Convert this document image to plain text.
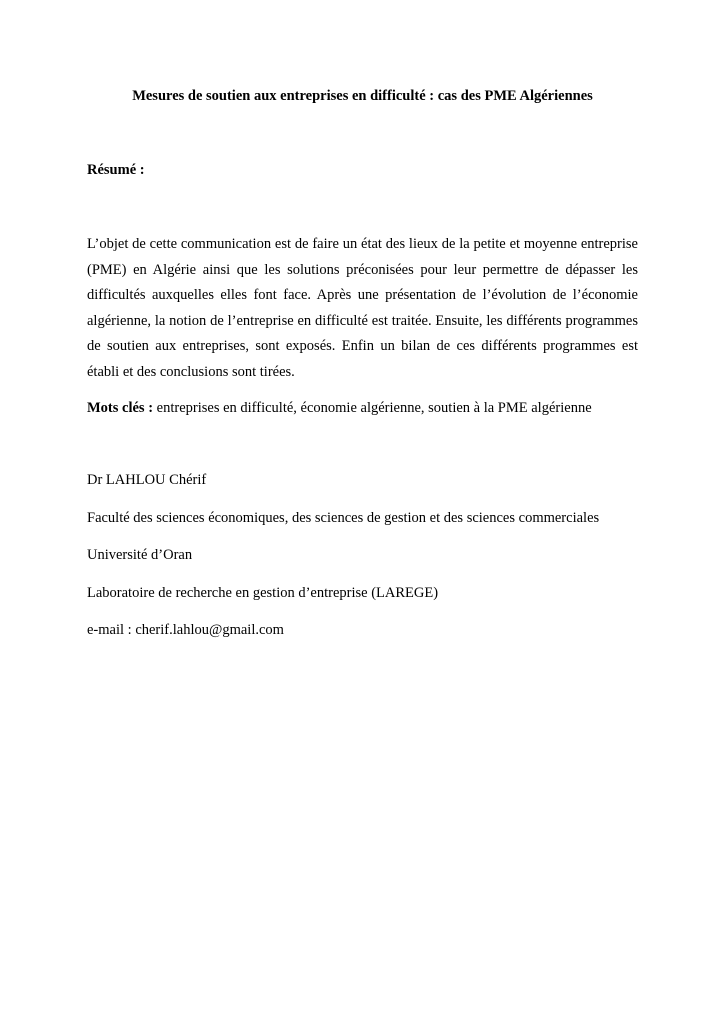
Mesures de soutien aux entreprises en difficulté : cas des PME Algériennes
Résumé :

L’objet de cette communication est de faire un état des lieux de la petite et moyenne entreprise (PME) en Algérie ainsi que les solutions préconisées pour leur permettre de dépasser les difficultés auxquelles elles font face. Après une présentation de l’évolution de l’économie algérienne, la notion de l’entreprise en difficulté est traitée. Ensuite, les différents programmes de soutien aux entreprises, sont exposés. Enfin un bilan de ces différents programmes est établi et des conclusions sont tirées.

Mots clés : entreprises en difficulté, économie algérienne, soutien à la PME algérienne

Dr LAHLOU Chérif

Faculté des sciences économiques, des sciences de gestion et des sciences commerciales

Université d’Oran

Laboratoire de recherche en gestion d’entreprise (LAREGE)

e-mail : cherif.lahlou@gmail.com
